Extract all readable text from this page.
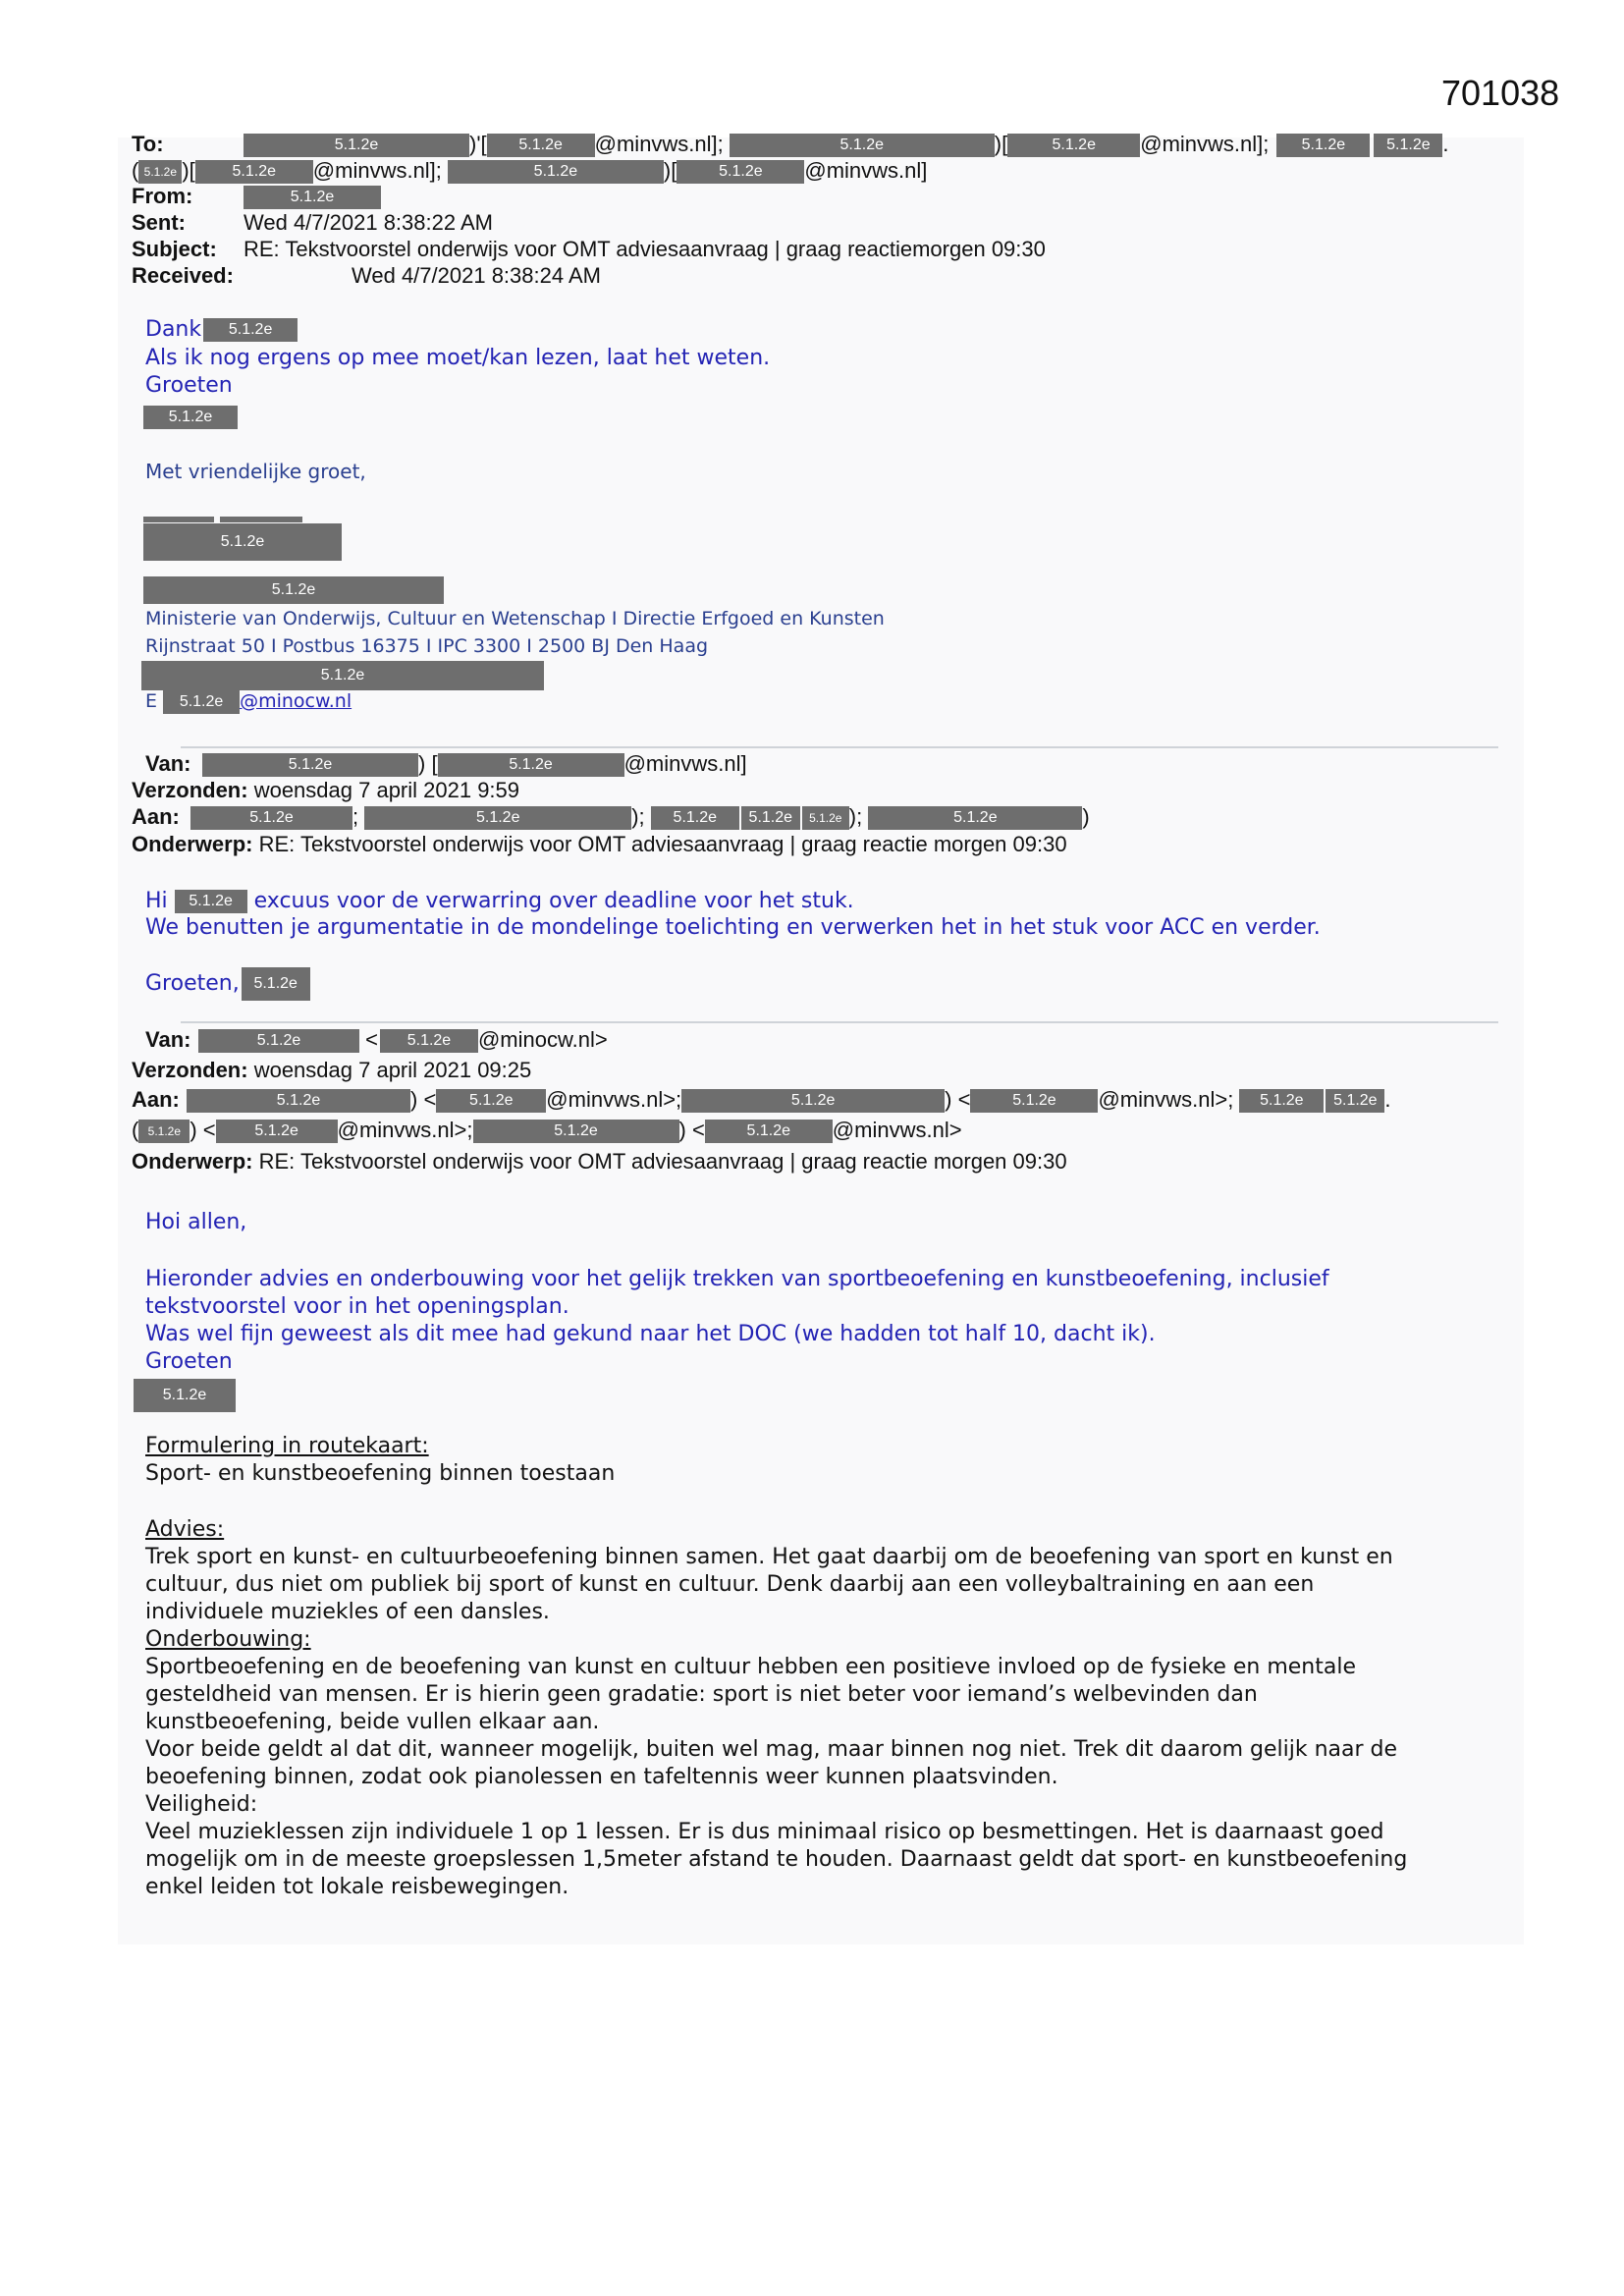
701038
To:	5.1.2e	)'[ 5.1.2e @minvws.nl];	5.1.2e	)[	5.1.2e @minvws.nl]; 5.1.2e	5.1.2e .
( 5.1.2e )[ 5.1.2e @minvws.nl];	5.1.2e	)[	5.1.2e @minvws.nl]
From:	5.1.2e
Sent:	Wed 4/7/2021 8:38:22 AM
Subject: RE: Tekstvoorstel onderwijs voor OMT adviesaanvraag | graag reactiemorgen 09:30
Received:	Wed 4/7/2021 8:38:24 AM
Dank 5.1.2e
Als ik nog ergens op mee moet/kan lezen, laat het weten.
Groeten
5.1.2e
Met vriendelijke groet,
5.1.2e
5.1.2e
Ministerie van Onderwijs, Cultuur en Wetenschap I Directie Erfgoed en Kunsten
Rijnstraat 50 I Postbus 16375 I IPC 3300 I 2500 BJ Den Haag
5.1.2e
E 5.1.2e @minocw.nl
Van:	5.1.2e	) [	5.1.2e	@minvws.nl]
Verzonden: woensdag 7 april 2021 9:59
Aan:	5.1.2e	;	5.1.2e	); 5.1.2e 5.1.2e 5.1.2e );	5.1.2e	)
Onderwerp: RE: Tekstvoorstel onderwijs voor OMT adviesaanvraag | graag reactie morgen 09:30
Hi 5.1.2e excuus voor de verwarring over deadline voor het stuk.
We benutten je argumentatie in de mondelinge toelichting en verwerken het in het stuk voor ACC en verder.
Groeten, 5.1.2e
Van:	5.1.2e	< 5.1.2e @minocw.nl>
Verzonden: woensdag 7 april 2021 09:25
Aan:	5.1.2e	) < 5.1.2e @minvws.nl>;	5.1.2e	) <	5.1.2e @minvws.nl>; 5.1.2e 5.1.2e .
( 5.1.2e ) < 5.1.2e @minvws.nl>;	5.1.2e	) <	5.1.2e @minvws.nl>
Onderwerp: RE: Tekstvoorstel onderwijs voor OMT adviesaanvraag | graag reactie morgen 09:30
Hoi allen,
Hieronder advies en onderbouwing voor het gelijk trekken van sportbeoefening en kunstbeoefening, inclusief
tekstvoorstel voor in het openingsplan.
Was wel fijn geweest als dit mee had gekund naar het DOC (we hadden tot half 10, dacht ik).
Groeten
5.1.2e
Formulering in routekaart:
Sport- en kunstbeoefening binnen toestaan
Advies:
Trek sport en kunst- en cultuurbeoefening binnen samen. Het gaat daarbij om de beoefening van sport en kunst en
cultuur, dus niet om publiek bij sport of kunst en cultuur. Denk daarbij aan een volleybaltraining en aan een
individuele muziekles of een dansles.
Onderbouwing:
Sportbeoefening en de beoefening van kunst en cultuur hebben een positieve invloed op de fysieke en mentale
gesteldheid van mensen. Er is hierin geen gradatie: sport is niet beter voor iemand’s welbevinden dan
kunstbeoefening, beide vullen elkaar aan.
Voor beide geldt al dat dit, wanneer mogelijk, buiten wel mag, maar binnen nog niet. Trek dit daarom gelijk naar de
beoefening binnen, zodat ook pianolessen en tafeltennis weer kunnen plaatsvinden.
Veiligheid:
Veel muzieklessen zijn individuele 1 op 1 lessen. Er is dus minimaal risico op besmettingen. Het is daarnaast goed
mogelijk om in de meeste groepslessen 1,5meter afstand te houden. Daarnaast geldt dat sport- en kunstbeoefening
enkel leiden tot lokale reisbewegingen.
